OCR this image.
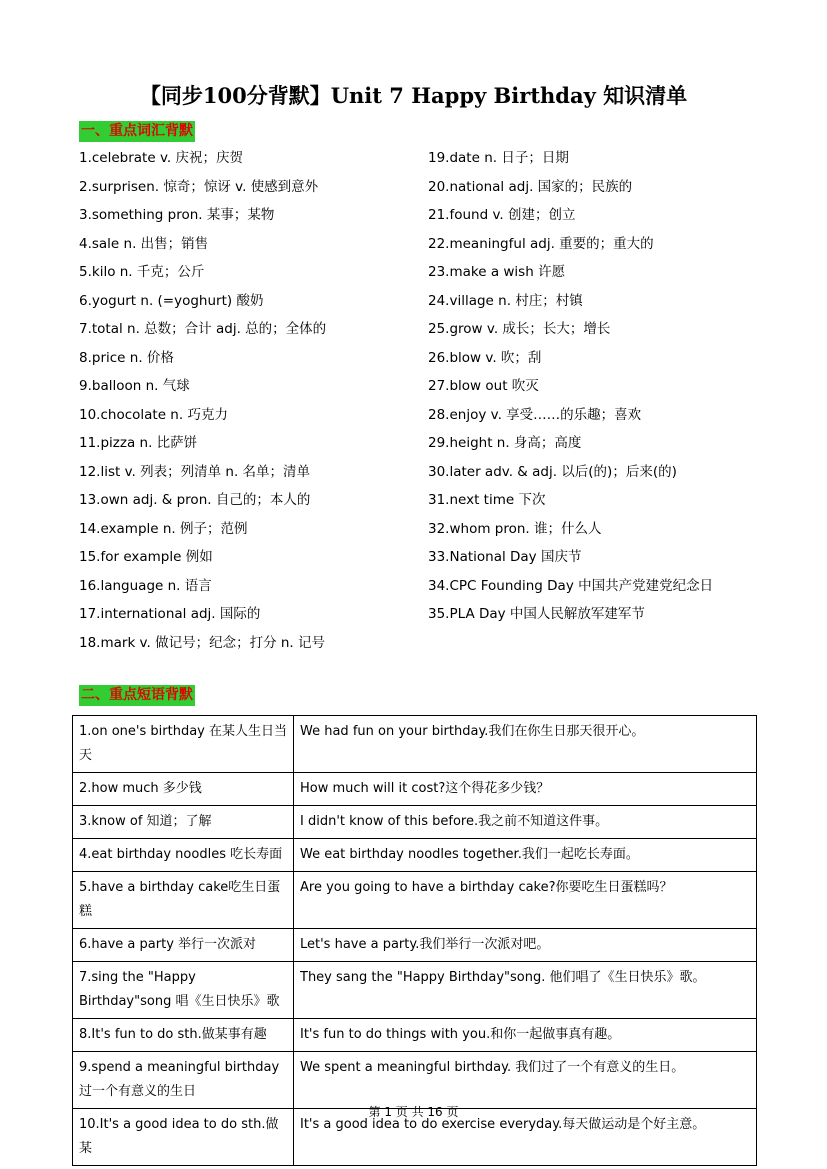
【同步100分背默】Unit 7 Happy Birthday 知识清单
一、重点词汇背默
1.celebrate v. 庆祝；庆贺
2.surprisen. 惊奇；惊讶 v. 使感到意外
3.something pron. 某事；某物
4.sale n. 出售；销售
5.kilo n. 千克；公斤
6.yogurt n. (=yoghurt) 酸奶
7.total n. 总数；合计 adj. 总的；全体的
8.price n. 价格
9.balloon n. 气球
10.chocolate n. 巧克力
11.pizza n. 比萨饼
12.list v. 列表；列清单 n. 名单；清单
13.own adj. & pron. 自己的；本人的
14.example n. 例子；范例
15.for example 例如
16.language n. 语言
17.international adj. 国际的
18.mark v. 做记号；纪念；打分 n. 记号
19.date n. 日子；日期
20.national adj. 国家的；民族的
21.found v. 创建；创立
22.meaningful adj. 重要的；重大的
23.make a wish 许愿
24.village n. 村庄；村镇
25.grow v. 成长；长大；增长
26.blow v. 吹；刮
27.blow out 吹灭
28.enjoy v. 享受……的乐趣；喜欢
29.height n. 身高；高度
30.later adv. & adj. 以后(的)；后来(的)
31.next time 下次
32.whom pron. 谁；什么人
33.National Day 国庆节
34.CPC Founding Day 中国共产党建党纪念日
35.PLA Day 中国人民解放军建军节
二、重点短语背默
1.on one's birthday 在某人生日当天	We had fun on your birthday.我们在你生日那天很开心。
2.how much 多少钱	How much will it cost?这个得花多少钱？
3.know of 知道；了解	I didn't know of this before.我之前不知道这件事。
4.eat birthday noodles 吃长寿面	We eat birthday noodles together.我们一起吃长寿面。
5.have a birthday cake吃生日蛋糕	Are you going to have a birthday cake?你要吃生日蛋糕吗？
6.have a party 举行一次派对	Let's have a party.我们举行一次派对吧。
7.sing the "Happy Birthday"song 唱《生日快乐》歌	They sang the "Happy Birthday"song. 他们唱了《生日快乐》歌。
8.It's fun to do sth.做某事有趣	It's fun to do things with you.和你一起做事真有趣。
9.spend a meaningful birthday 过一个有意义的生日	We spent a meaningful birthday. 我们过了一个有意义的生日。
10.It's a good idea to do sth.做某	It's a good idea to do exercise everyday.每天做运动是个好主意。
第 1 页 共 16 页
